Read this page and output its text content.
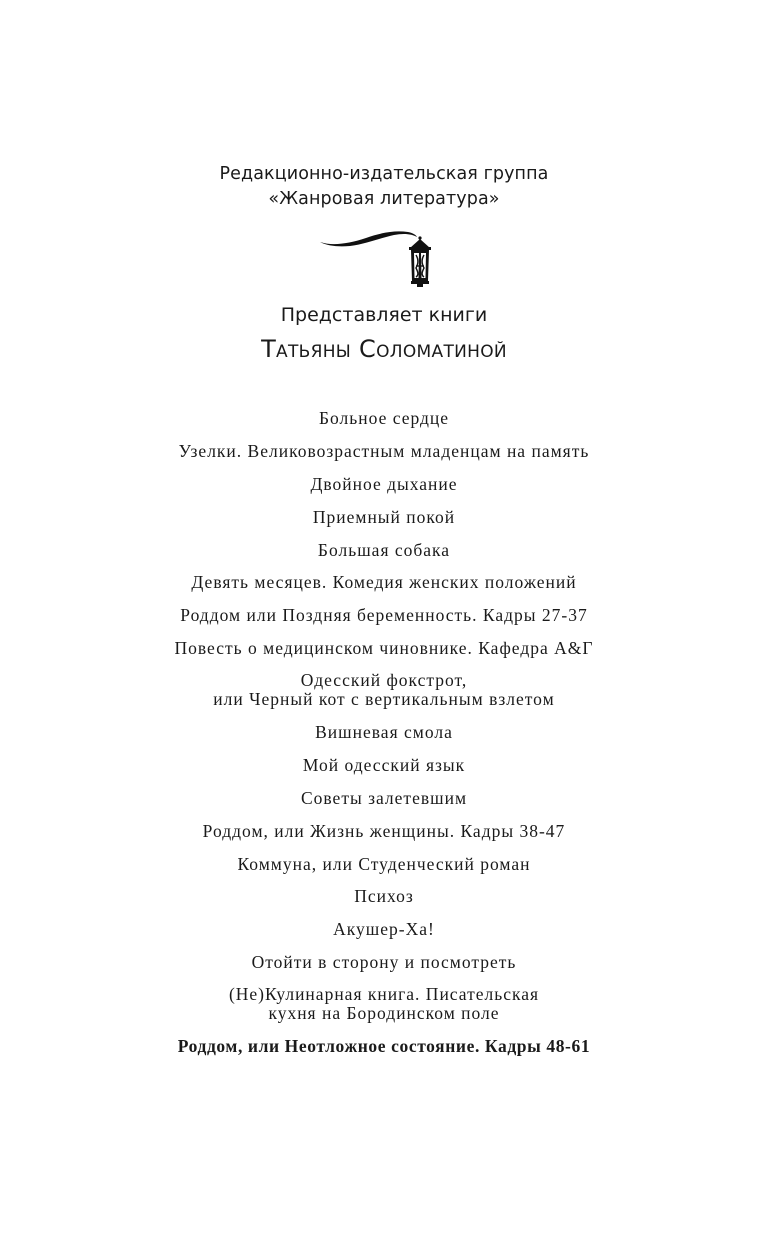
Редакционно-издательская группа
«Жанровая литература»
Представляет книги
Татьяны Соломатиной
Больное сердце
Узелки. Великовозрастным младенцам на память
Двойное дыхание
Приемный покой
Большая собака
Девять месяцев. Комедия женских положений
Роддом или Поздняя беременность. Кадры 27-37
Повесть о медицинском чиновнике. Кафедра А&Г
Одесский фокстрот,
или Черный кот с вертикальным взлетом
Вишневая смола
Мой одесский язык
Советы залетевшим
Роддом, или Жизнь женщины. Кадры 38-47
Коммуна, или Студенческий роман
Психоз
Акушер-Ха!
Отойти в сторону и посмотреть
(Не)Кулинарная книга. Писательская
кухня на Бородинском поле
Роддом, или Неотложное состояние. Кадры 48-61
